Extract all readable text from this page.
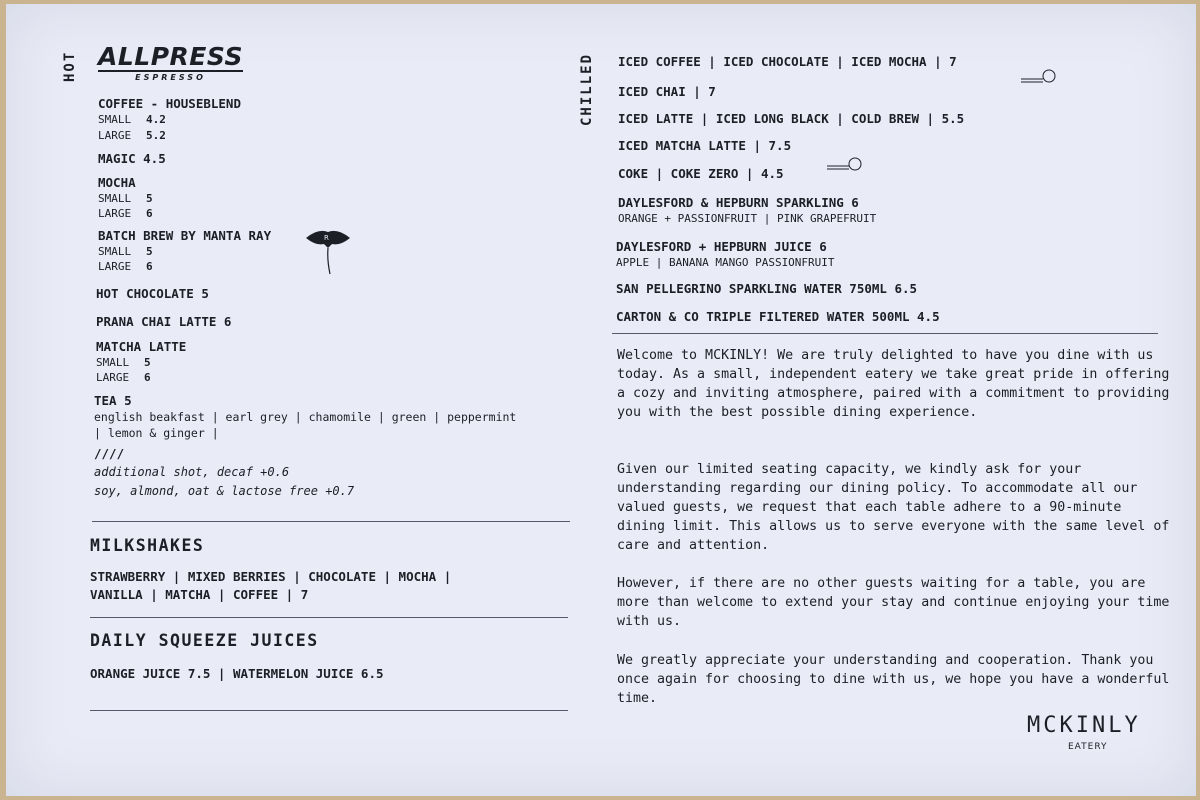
HOT ALLPRESS
ESPRESSO
COFFEE - HOUSEBLEND
SMALL 4.2
LARGE 5.2
MAGIC 4.5
MOCHA
SMALL 5
LARGE 6
BATCH BREW BY MANTA RAY	R
SMALL 5
LARGE 6
HOT CHOCOLATE 5
PRANA CHAI LATTE 6
MATCHA LATTE
SMALL 5
LARGE 6
TEA 5
english beakfast | earl grey | chamomile | green | peppermint
| lemon & ginger |
////
additional shot, decaf +0.6
soy, almond, oat & lactose free +0.7
MILKSHAKES
STRAWBERRY | MIXED BERRIES | CHOCOLATE | MOCHA |
VANILLA | MATCHA | COFFEE | 7
DAILY SQUEEZE JUICES
ORANGE JUICE 7.5 | WATERMELON JUICE 6.5
CHILLED ICED COFFEE | ICED CHOCOLATE | ICED MOCHA | 7
ICED CHAI | 7
ICED LATTE | ICED LONG BLACK | COLD BREW | 5.5
ICED MATCHA LATTE | 7.5
COKE | COKE ZERO | 4.5
DAYLESFORD & HEPBURN SPARKLING 6
ORANGE + PASSIONFRUIT | PINK GRAPEFRUIT
DAYLESFORD + HEPBURN JUICE 6
APPLE | BANANA MANGO PASSIONFRUIT
SAN PELLEGRINO SPARKLING WATER 750ML 6.5
CARTON & CO TRIPLE FILTERED WATER 500ML 4.5
Welcome to MCKINLY! We are truly delighted to have you dine with us today. As a small, independent eatery we take great pride in offering a cozy and inviting atmosphere, paired with a commitment to providing you with the best possible dining experience.
Given our limited seating capacity, we kindly ask for your understanding regarding our dining policy. To accommodate all our valued guests, we request that each table adhere to a 90-minute dining limit. This allows us to serve everyone with the same level of care and attention.
However, if there are no other guests waiting for a table, you are more than welcome to extend your stay and continue enjoying your time with us.
We greatly appreciate your understanding and cooperation. Thank you once again for choosing to dine with us, we hope you have a wonderful time.
MCKINLY
EATERY
